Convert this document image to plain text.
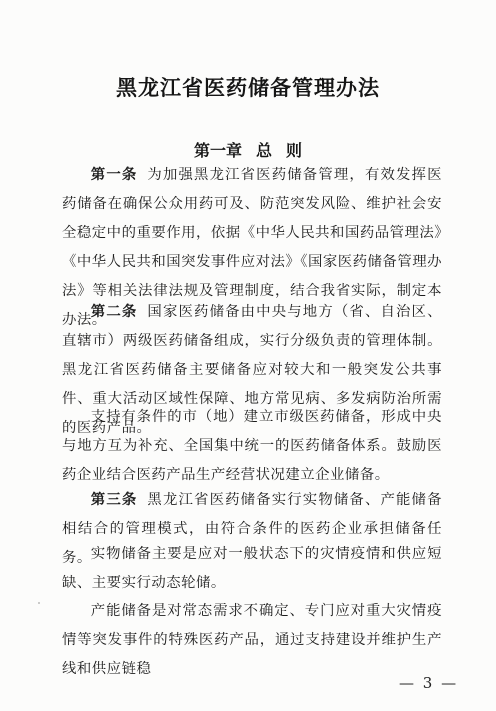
黑龙江省医药储备管理办法
第一章 总 则

第一条 为加强黑龙江省医药储备管理，有效发挥医药储备在确保公众用药可及、防范突发风险、维护社会安全稳定中的重要作用，依据《中华人民共和国药品管理法》《中华人民共和国突发事件应对法》《国家医药储备管理办法》等相关法律法规及管理制度，结合我省实际，制定本办法。

第二条 国家医药储备由中央与地方（省、自治区、直辖市）两级医药储备组成，实行分级负责的管理体制。黑龙江省医药储备主要储备应对较大和一般突发公共事件、重大活动区域性保障、地方常见病、多发病防治所需的医药产品。

支持有条件的市（地）建立市级医药储备，形成中央与地方互为补充、全国集中统一的医药储备体系。鼓励医药企业结合医药产品生产经营状况建立企业储备。

第三条 黑龙江省医药储备实行实物储备、产能储备相结合的管理模式，由符合条件的医药企业承担储备任务。 实物储备主要是应对一般状态下的灾情疫情和供应短缺、主要实行动态轮储。

产能储备是对常态需求不确定、专门应对重大灾情疫情等突发事件的特殊医药产品，通过支持建设并维护生产线和供应链稳

— 3 —
